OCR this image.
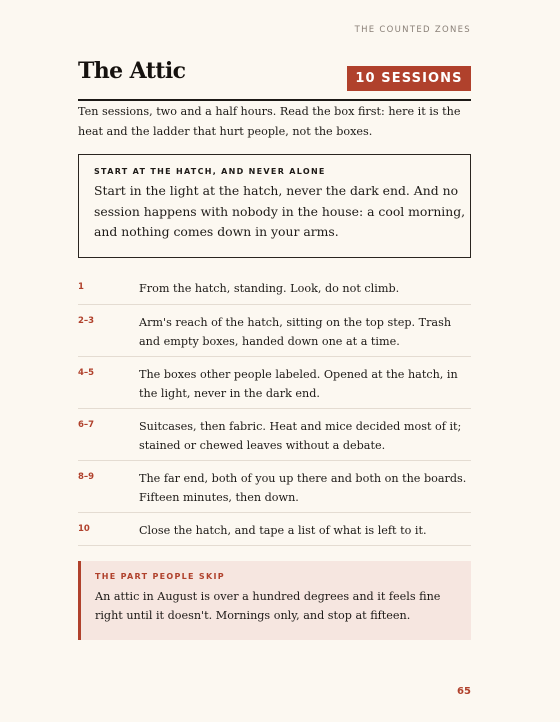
THE COUNTED ZONES
The Attic	10 SESSIONS

Ten sessions, two and a half hours. Read the box first: here it is the heat and the ladder that hurt people, not the boxes.

START AT THE HATCH, AND NEVER ALONE

Start in the light at the hatch, never the dark end. And no session happens with nobody in the house: a cool morning, and nothing comes down in your arms.

1	From the hatch, standing. Look, do not climb.
2–3	Arm's reach of the hatch, sitting on the top step. Trash and empty boxes, handed down one at a time.
4–5	The boxes other people labeled. Opened at the hatch, in the light, never in the dark end.
6–7	Suitcases, then fabric. Heat and mice decided most of it; stained or chewed leaves without a debate.
8–9	The far end, both of you up there and both on the boards. Fifteen minutes, then down.
10	Close the hatch, and tape a list of what is left to it.

THE PART PEOPLE SKIP

An attic in August is over a hundred degrees and it feels fine right until it doesn't. Mornings only, and stop at fifteen.

65
